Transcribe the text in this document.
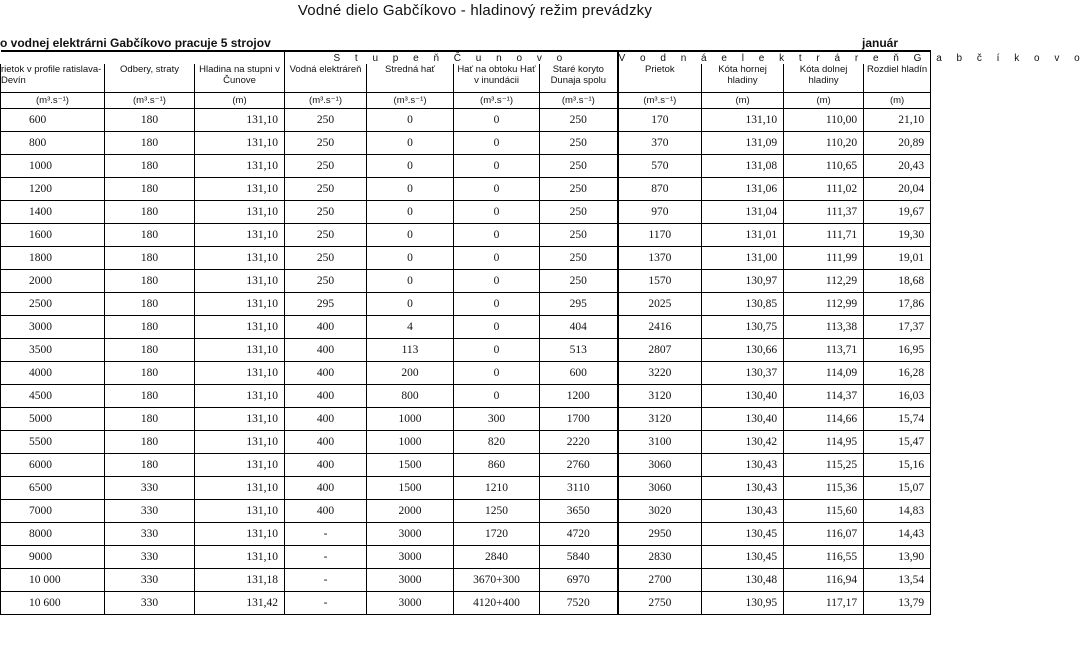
Vodné dielo Gabčíkovo - hladinový režim prevádzky
o vodnej elektrárni Gabčíkovo pracuje 5 strojov	január
			S t u p e ň Č u n o v o				V o d n á e l e k t r á r e ň G a b č í k o v o			
rietok v profile ratislava-Devín	Odbery, straty	Hladina na stupni v Čunove	Vodná elektráreň	Stredná hať	Hať na obtoku Hať v inundácii	Staré koryto Dunaja spolu	Prietok	Kóta hornej hladiny	Kóta dolnej hladiny	Rozdiel hladín
(m³.s⁻¹)	(m³.s⁻¹)	(m)	(m³.s⁻¹)	(m³.s⁻¹)	(m³.s⁻¹)	(m³.s⁻¹)	(m³.s⁻¹)	(m)	(m)	(m)
600	180	131,10	250	0	0	250	170	131,10	110,00	21,10
800	180	131,10	250	0	0	250	370	131,09	110,20	20,89
1000	180	131,10	250	0	0	250	570	131,08	110,65	20,43
1200	180	131,10	250	0	0	250	870	131,06	111,02	20,04
1400	180	131,10	250	0	0	250	970	131,04	111,37	19,67
1600	180	131,10	250	0	0	250	1170	131,01	111,71	19,30
1800	180	131,10	250	0	0	250	1370	131,00	111,99	19,01
2000	180	131,10	250	0	0	250	1570	130,97	112,29	18,68
2500	180	131,10	295	0	0	295	2025	130,85	112,99	17,86
3000	180	131,10	400	4	0	404	2416	130,75	113,38	17,37
3500	180	131,10	400	113	0	513	2807	130,66	113,71	16,95
4000	180	131,10	400	200	0	600	3220	130,37	114,09	16,28
4500	180	131,10	400	800	0	1200	3120	130,40	114,37	16,03
5000	180	131,10	400	1000	300	1700	3120	130,40	114,66	15,74
5500	180	131,10	400	1000	820	2220	3100	130,42	114,95	15,47
6000	180	131,10	400	1500	860	2760	3060	130,43	115,25	15,16
6500	330	131,10	400	1500	1210	3110	3060	130,43	115,36	15,07
7000	330	131,10	400	2000	1250	3650	3020	130,43	115,60	14,83
8000	330	131,10	-	3000	1720	4720	2950	130,45	116,07	14,43
9000	330	131,10	-	3000	2840	5840	2830	130,45	116,55	13,90
10 000	330	131,18	-	3000	3670+300	6970	2700	130,48	116,94	13,54
10 600	330	131,42	-	3000	4120+400	7520	2750	130,95	117,17	13,79
